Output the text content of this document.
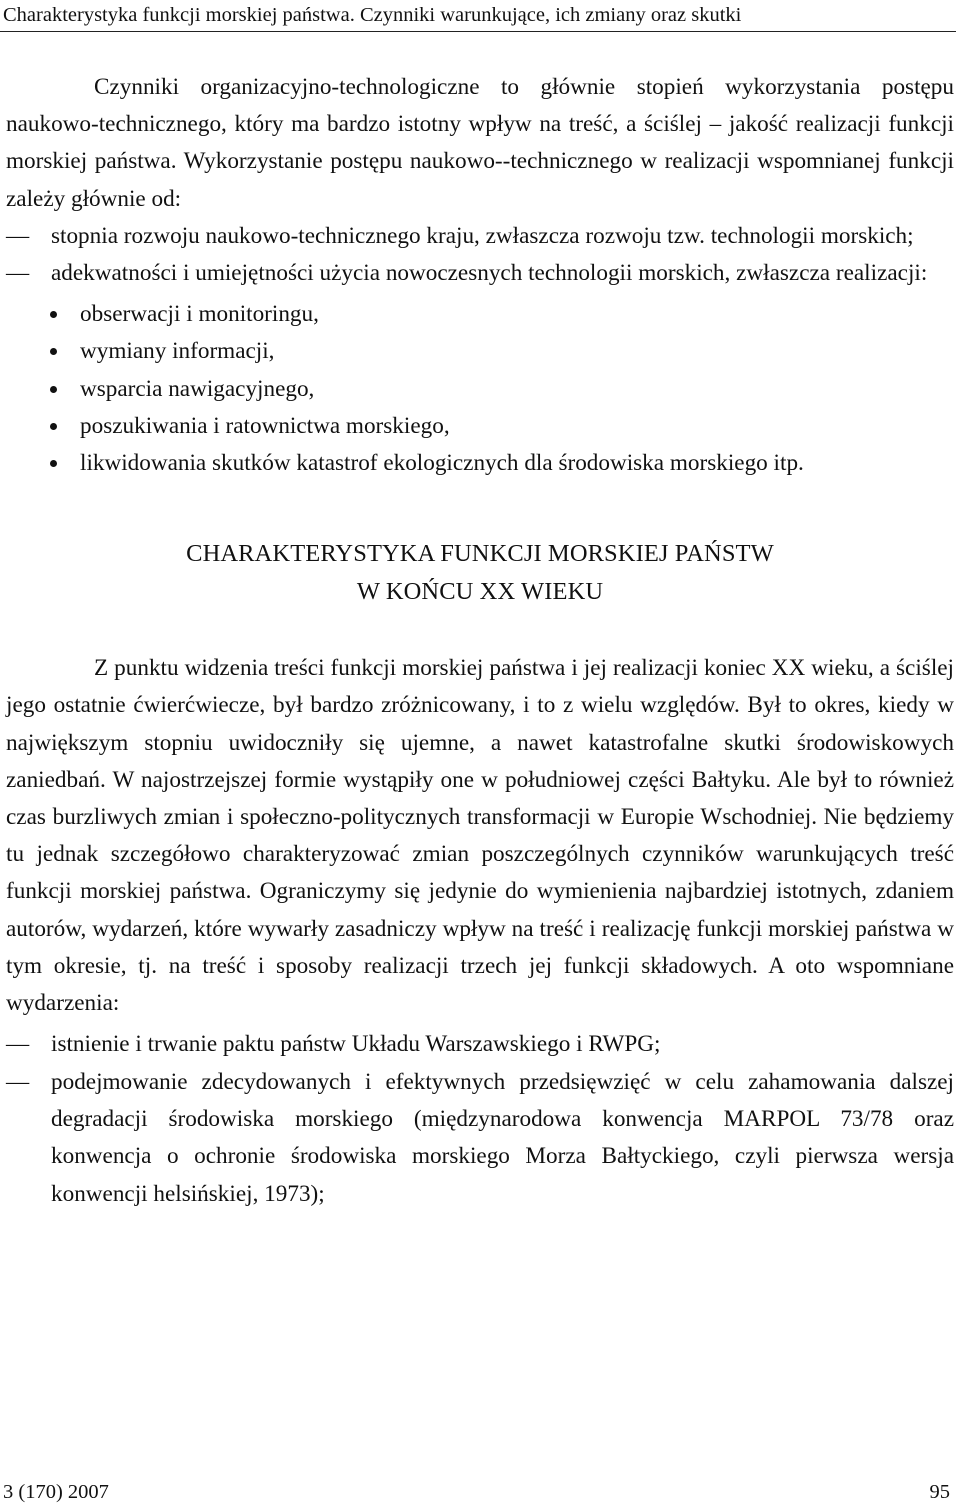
Charakterystyka funkcji morskiej państwa. Czynniki warunkujące, ich zmiany oraz skutki

Czynniki organizacyjno-technologiczne to głównie stopień wykorzystania postępu naukowo-technicznego, który ma bardzo istotny wpływ na treść, a ściślej – jakość realizacji funkcji morskiej państwa. Wykorzystanie postępu naukowo--technicznego w realizacji wspomnianej funkcji zależy głównie od:

— stopnia rozwoju naukowo-technicznego kraju, zwłaszcza rozwoju tzw. technologii morskich;
— adekwatności i umiejętności użycia nowoczesnych technologii morskich, zwłaszcza realizacji:
obserwacji i monitoringu,
wymiany informacji,
wsparcia nawigacyjnego,
poszukiwania i ratownictwa morskiego,
likwidowania skutków katastrof ekologicznych dla środowiska morskiego itp.
CHARAKTERYSTYKA FUNKCJI MORSKIEJ PAŃSTW
W KOŃCU XX WIEKU

Z punktu widzenia treści funkcji morskiej państwa i jej realizacji koniec XX wieku, a ściślej jego ostatnie ćwierćwiecze, był bardzo zróżnicowany, i to z wielu względów. Był to okres, kiedy w największym stopniu uwidoczniły się ujemne, a nawet katastrofalne skutki środowiskowych zaniedbań. W najostrzejszej formie wystąpiły one w południowej części Bałtyku. Ale był to również czas burzliwych zmian i społeczno-politycznych transformacji w Europie Wschodniej. Nie będziemy tu jednak szczegółowo charakteryzować zmian poszczególnych czynników warunkujących treść funkcji morskiej państwa. Ograniczymy się jedynie do wymienienia najbardziej istotnych, zdaniem autorów, wydarzeń, które wywarły zasadniczy wpływ na treść i realizację funkcji morskiej państwa w tym okresie, tj. na treść i sposoby realizacji trzech jej funkcji składowych. A oto wspomniane wydarzenia:

— istnienie i trwanie paktu państw Układu Warszawskiego i RWPG;
— podejmowanie zdecydowanych i efektywnych przedsięwzięć w celu zahamowania dalszej degradacji środowiska morskiego (międzynarodowa konwencja MARPOL 73/78 oraz konwencja o ochronie środowiska morskiego Morza Bałtyckiego, czyli pierwsza wersja konwencji helsińskiej, 1973);
3 (170) 2007	95
